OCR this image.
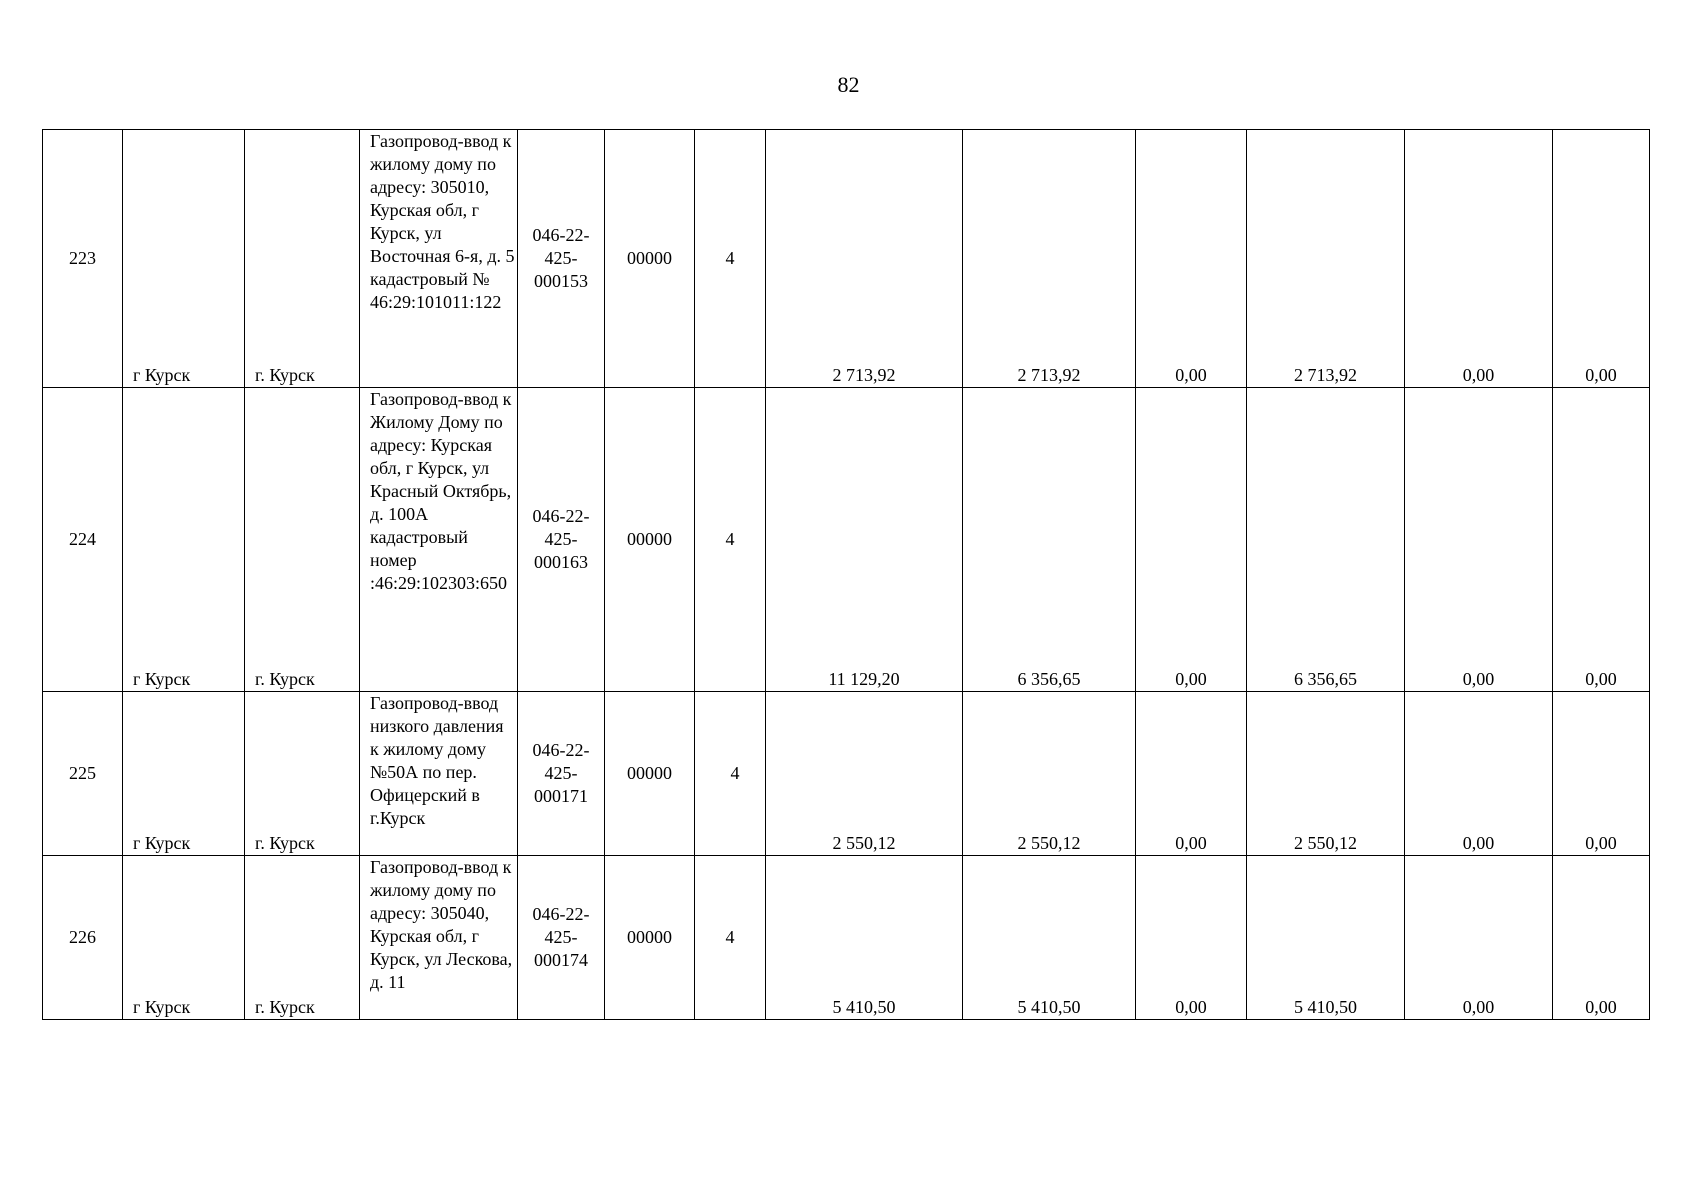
82
223	г Курск	г. Курск	Газопровод-ввод к жилому дому по адресу: 305010, Курская обл, г Курск, ул Восточная 6-я, д. 5 кадастровый № 46:29:101011:122	046-22-425-000153	00000	4	2 713,92	2 713,92	0,00	2 713,92	0,00	0,00
224	г Курск	г. Курск	Газопровод-ввод к Жилому Дому по адресу: Курская обл, г Курск, ул Красный Октябрь, д. 100А кадастровый номер :46:29:102303:650	046-22-425-000163	00000	4	11 129,20	6 356,65	0,00	6 356,65	0,00	0,00
225	г Курск	г. Курск	Газопровод-ввод низкого давления к жилому дому №50А по пер. Офицерский в г.Курск	046-22-425-000171	00000	4	2 550,12	2 550,12	0,00	2 550,12	0,00	0,00
226	г Курск	г. Курск	Газопровод-ввод к жилому дому по адресу: 305040, Курская обл, г Курск, ул Лескова, д. 11	046-22-425-000174	00000	4	5 410,50	5 410,50	0,00	5 410,50	0,00	0,00
